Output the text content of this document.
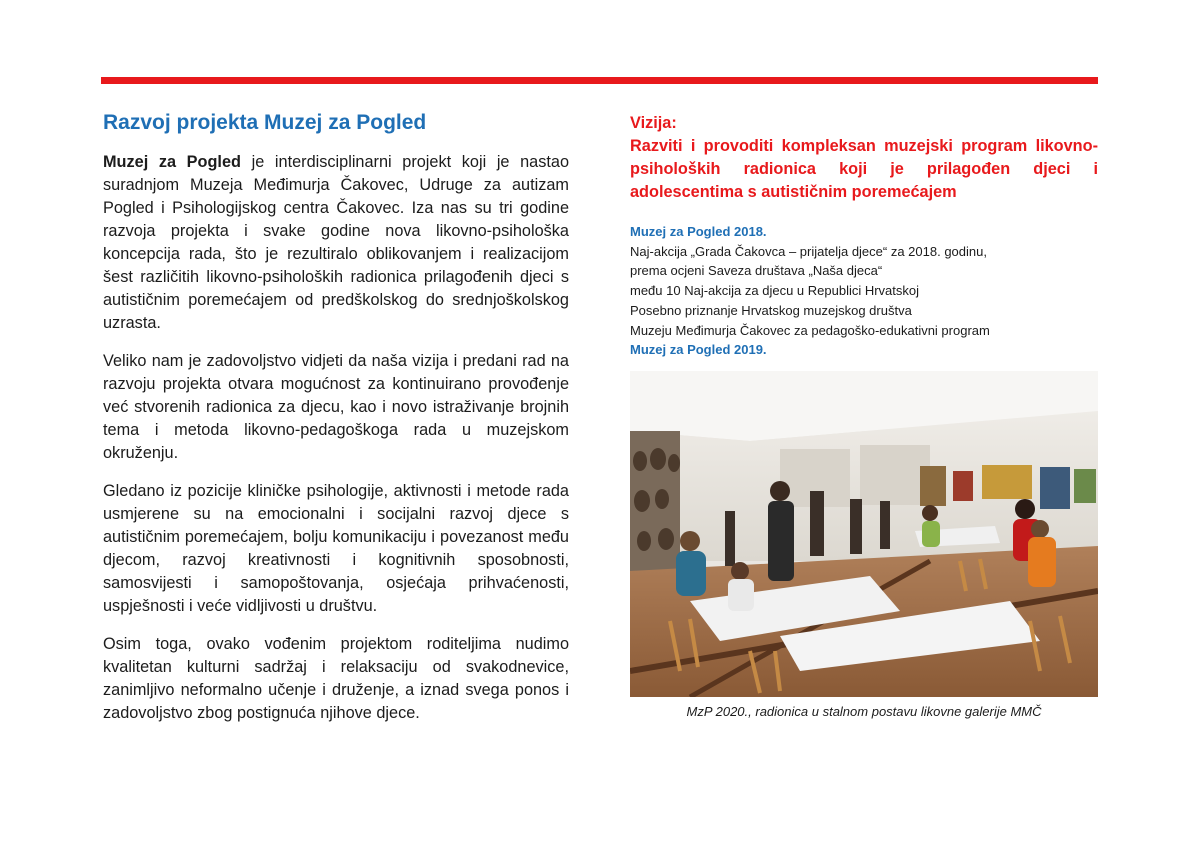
Razvoj projekta Muzej za Pogled

Muzej za Pogled je interdisciplinarni projekt koji je nastao suradnjom Muzeja Međimurja Čakovec, Udruge za autizam Pogled i Psihologijskog centra Čakovec. Iza nas su tri godine razvoja projekta i svake godine nova likovno-psihološka koncepcija rada, što je rezultiralo oblikovanjem i realizacijom šest različitih likovno-psiholoških radionica prilagođenih djeci s autističnim poremećajem od predškolskog do srednjoškolskog uzrasta.

Veliko nam je zadovoljstvo vidjeti da naša vizija i predani rad na razvoju projekta otvara mogućnost za kontinuirano provođenje već stvorenih radionica za djecu, kao i novo istraživanje brojnih tema i metoda likovno-pedagoškoga rada u muzejskom okruženju.

Gledano iz pozicije kliničke psihologije, aktivnosti i metode rada usmjerene su na emocionalni i socijalni razvoj djece s autističnim poremećajem, bolju komunikaciju i povezanost među djecom, razvoj kreativnosti i kognitivnih sposobnosti, samosvijesti i samopoštovanja, osjećaja prihvaćenosti, uspješnosti i veće vidljivosti u društvu.

Osim toga, ovako vođenim projektom roditeljima nudimo kvalitetan kulturni sadržaj i relaksaciju od svakodnevice, zanimljivo neformalno učenje i druženje, a iznad svega ponos i zadovoljstvo zbog postignuća njihove djece.

Vizija:

Razviti i provoditi kompleksan muzejski program likovno-psiholoških radionica koji je prilagođen djeci i adolescentima s autističnim poremećajem

Muzej za Pogled 2018.
Naj-akcija „Grada Čakovca – prijatelja djece“ za 2018. godinu,
prema ocjeni Saveza društava „Naša djeca“
među 10 Naj-akcija za djecu u Republici Hrvatskoj
Posebno priznanje Hrvatskog muzejskog društva
Muzeju Međimurja Čakovec za pedagoško-edukativni program
Muzej za Pogled 2019.
MzP 2020., radionica u stalnom postavu likovne galerije MMČ
